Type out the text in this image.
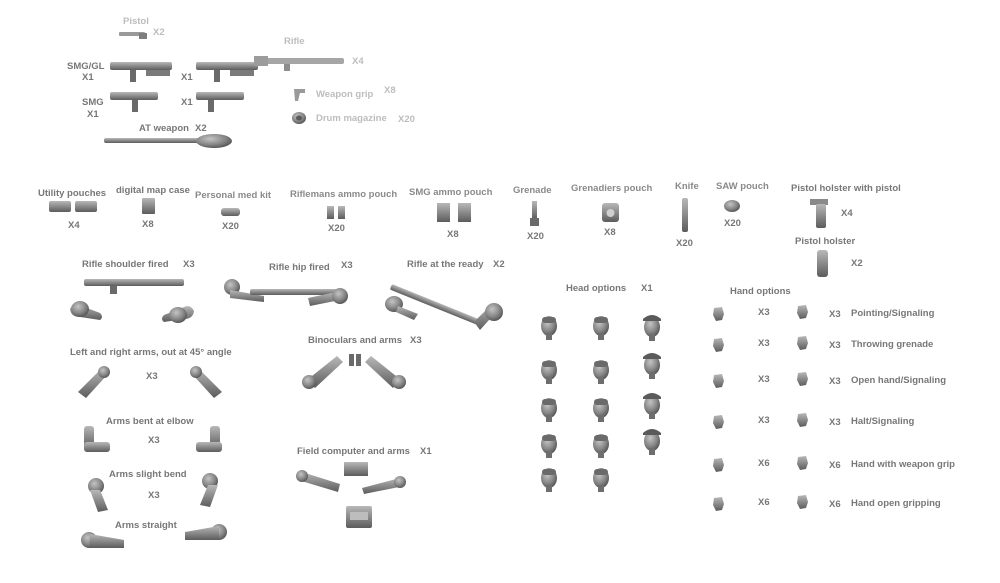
Pistol
X2
SMG/GL
X1	X1
SMG
X1
X1
AT weapon X2
Rifle
X4
Weapon grip X8
Drum magazine X20
Utility pouches
X4
digital map case
X8
Personal med kit
X20
Riflemans ammo pouch
X20
SMG ammo pouch
X8
Grenade
X20
Grenadiers pouch
X8
Knife
X20
SAW pouch
X20
Pistol holster with pistol
X4
Pistol holster
X2
Rifle shoulder fired X3	Rifle hip fired X3	Rifle at the ready X2
Left and right arms, out at 45° angle
X3
Binoculars and arms X3
Arms bent at elbow
X3
Arms slight bend
X3
Arms straight
Field computer and arms X1
Head options X1	Hand options
X3	X3 Pointing/Signaling
X3	X3 Throwing grenade
X3	X3 Open hand/Signaling
X3	X3 Halt/Signaling
X6	X6 Hand with weapon grip
X6	X6 Hand open gripping
